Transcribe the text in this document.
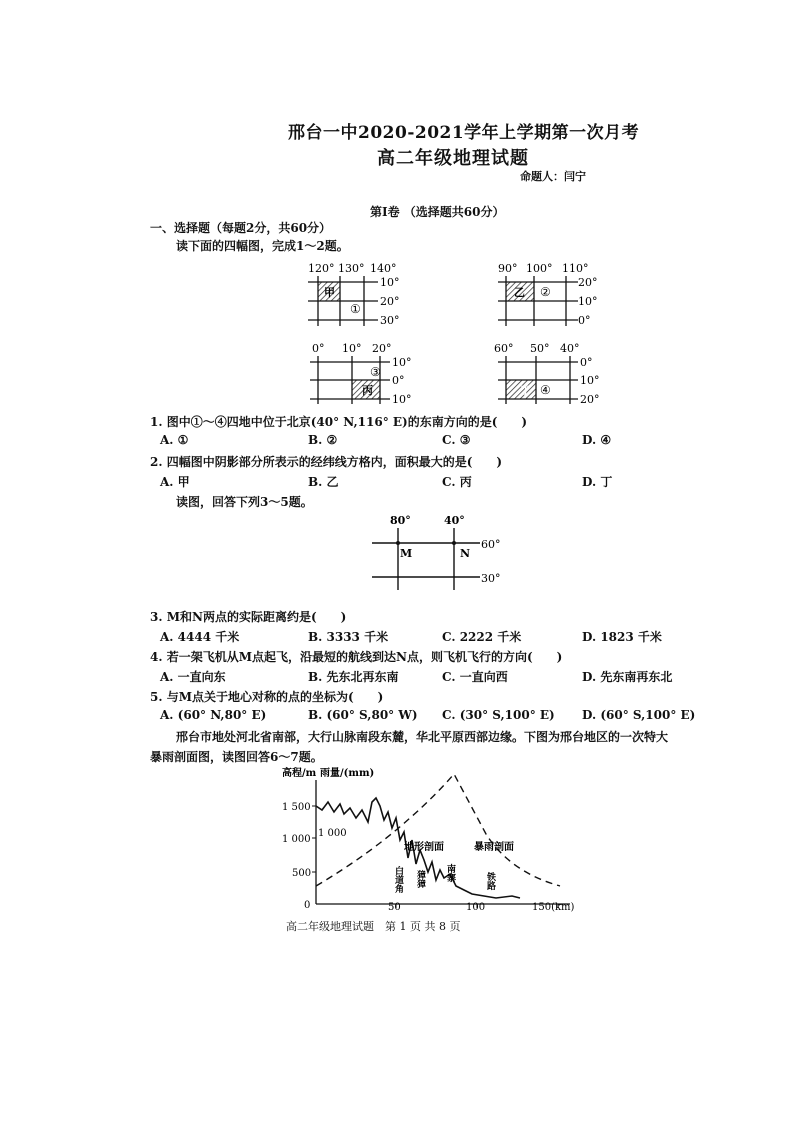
邢台一中2020-2021学年上学期第一次月考
高二年级地理试题
命题人：闫宁
第Ⅰ卷 （选择题共60分）
一、选择题（每题2分，共60分）
读下面的四幅图，完成1～2题。
120° 130° 140°
甲
①
10°
20°
30°
90° 100° 110°
乙 ②
20°
10°
0°
0° 10° 20°
③
丙
10°
0°
10°
60° 50° 40°
丁 ④
0°
10°
20°
1. 图中①～④四地中位于北京(40° N,116° E)的东南方向的是(　　)
A. ①	B. ②	C. ③	D. ④
2. 四幅图中阴影部分所表示的经纬线方格内，面积最大的是(　　)
A. 甲	B. 乙	C. 丙	D. 丁
读图，回答下列3～5题。
80°	40°
M	N
60°
30°
3. M和N两点的实际距离约是(　　)
A. 4444 千米	B. 3333 千米	C. 2222 千米	D. 1823 千米
4. 若一架飞机从M点起飞，沿最短的航线到达N点，则飞机飞行的方向(　　)
A. 一直向东	B. 先东北再东南	C. 一直向西	D. 先东南再东北
5. 与M点关于地心对称的点的坐标为(　　)
A. (60° N,80° E)	B. (60° S,80° W) C. (30° S,100° E) D. (60° S,100° E)
邢台市地处河北省南部，大行山脉南段东麓，华北平原西部边缘。下图为邢台地区的一次特大
暴雨剖面图，读图回答6～7题。
高程/m 雨量/(mm)
1 500
1 000
500
0
1 000
50	100	150(km)
地形剖面	暴雨剖面
白道角 獐獐 南寨	铁路
高二年级地理试题　第 1 页 共 8 页
